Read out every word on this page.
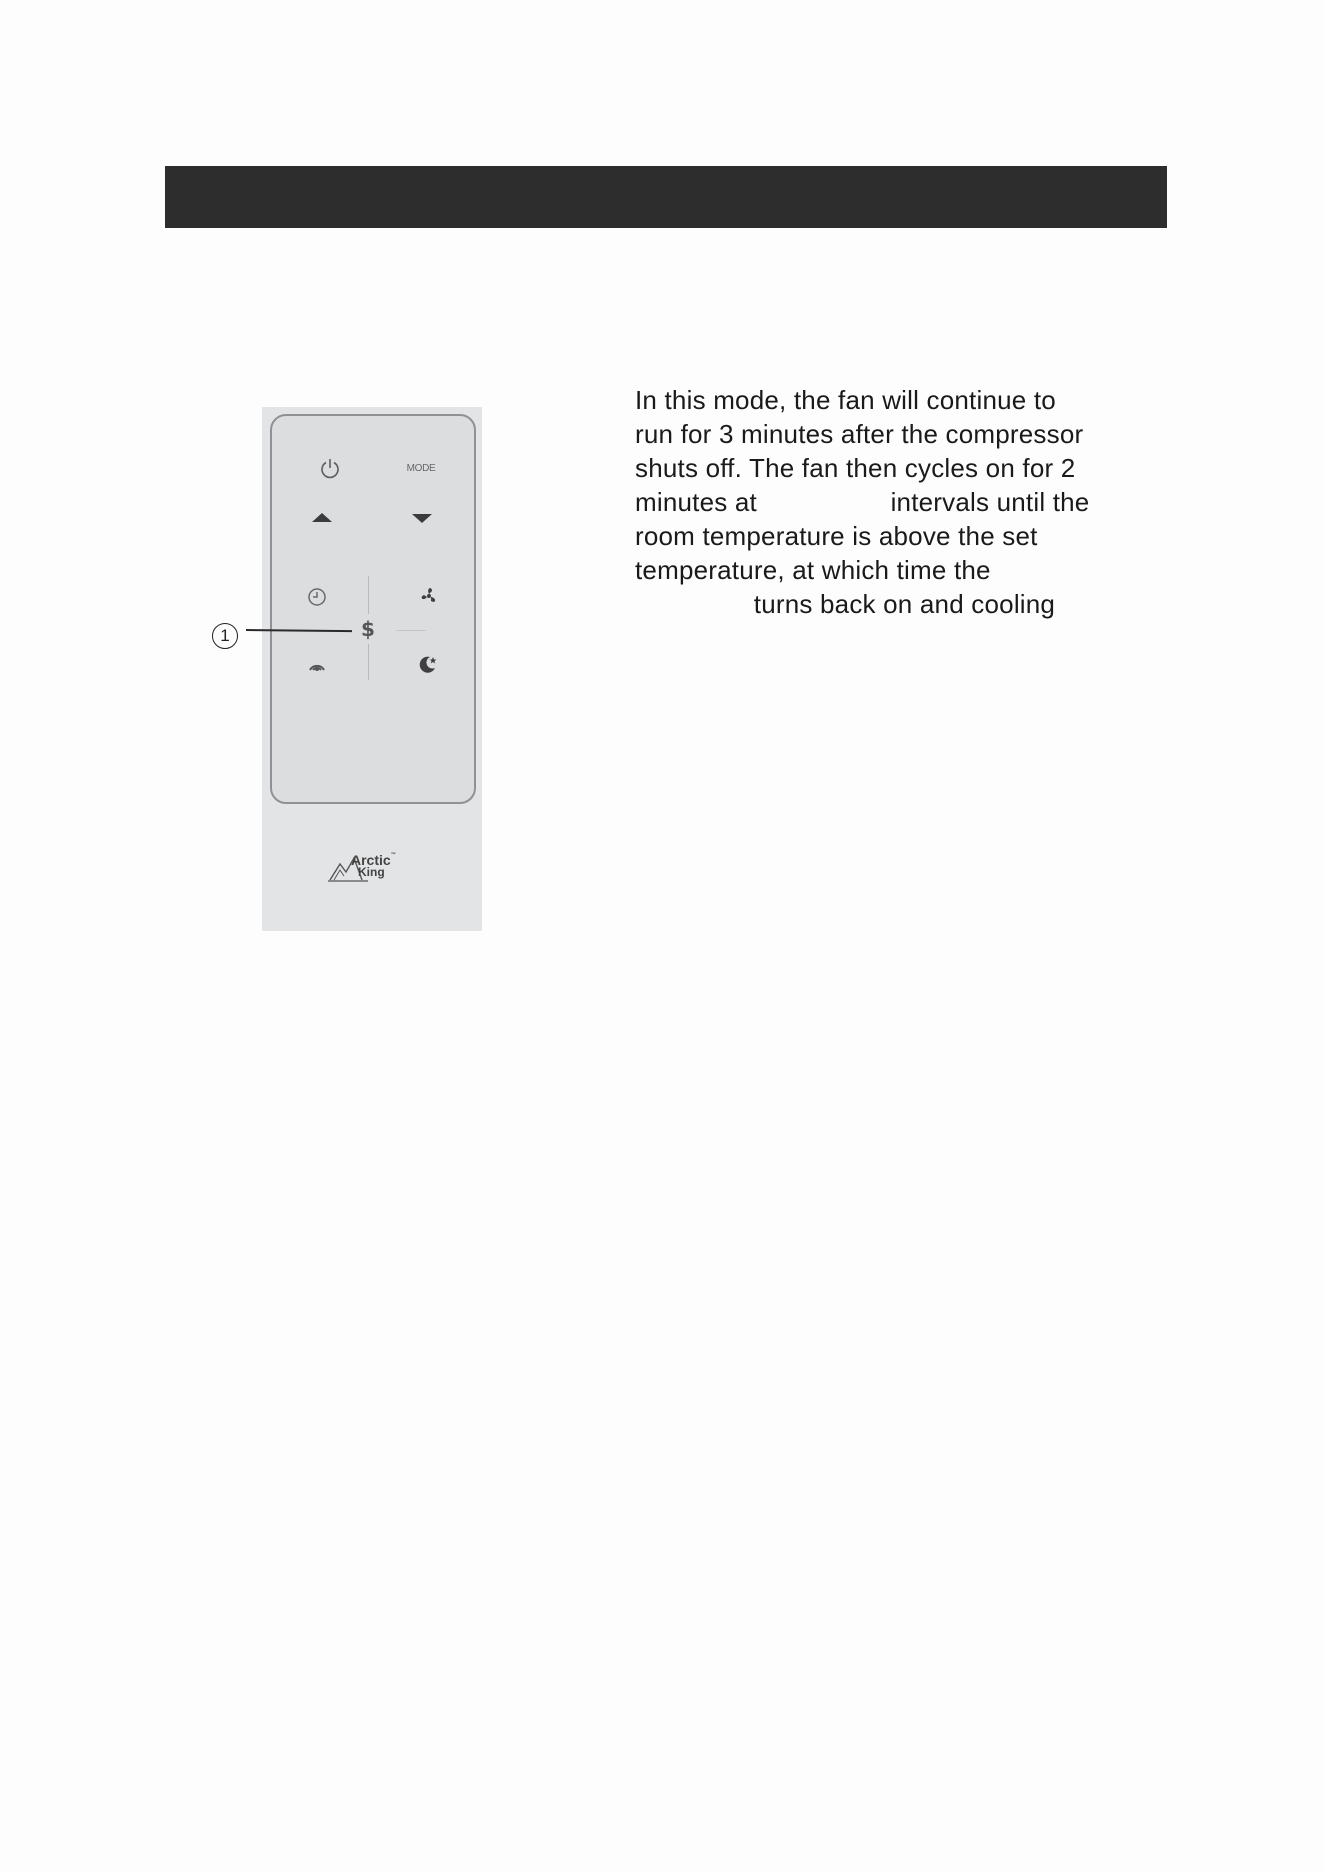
MODE
$
Arctic™
King
1
In this mode, the fan will continue to
run for 3 minutes after the compressor
shuts off. The fan then cycles on for 2
minutes at                  intervals until the
room temperature is above the set
temperature, at which time the
turns back on and cooling
